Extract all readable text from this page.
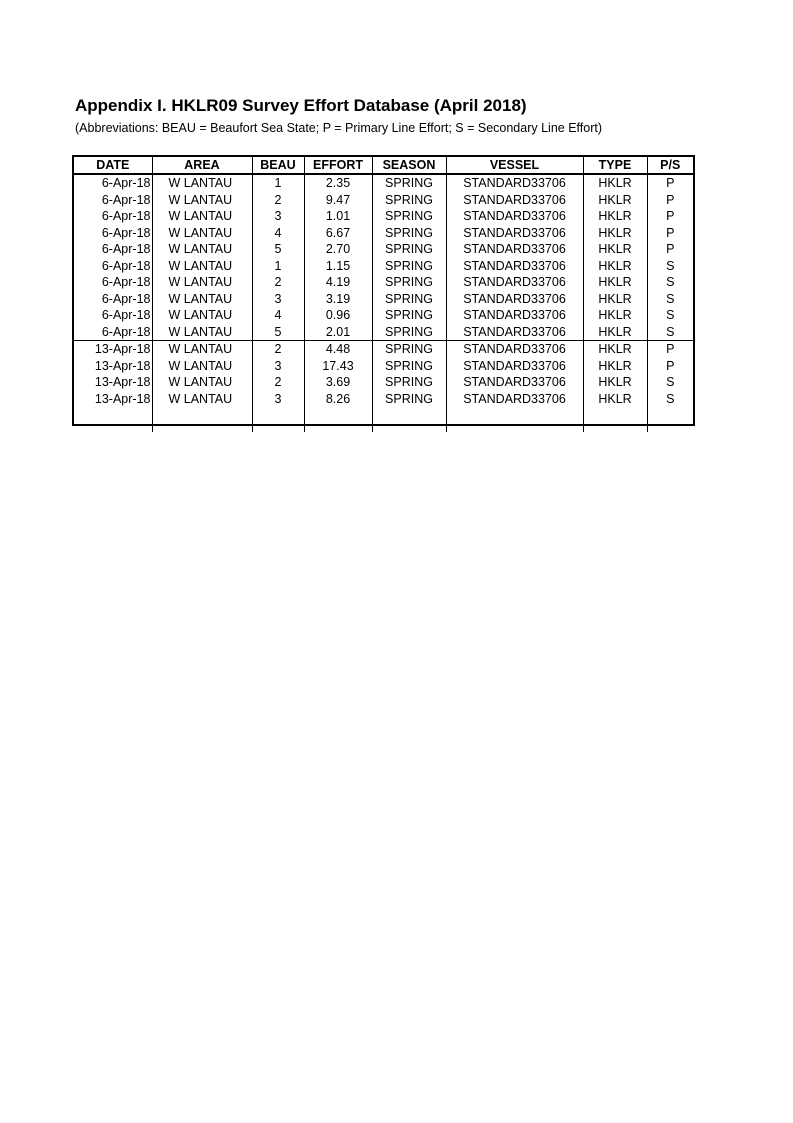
Appendix I. HKLR09 Survey Effort Database (April 2018)
(Abbreviations: BEAU = Beaufort Sea State; P = Primary Line Effort; S = Secondary Line Effort)
DATE	AREA	BEAU	EFFORT	SEASON	VESSEL	TYPE	P/S
6-Apr-18	W LANTAU	1	2.35	SPRING	STANDARD33706	HKLR	P
6-Apr-18	W LANTAU	2	9.47	SPRING	STANDARD33706	HKLR	P
6-Apr-18	W LANTAU	3	1.01	SPRING	STANDARD33706	HKLR	P
6-Apr-18	W LANTAU	4	6.67	SPRING	STANDARD33706	HKLR	P
6-Apr-18	W LANTAU	5	2.70	SPRING	STANDARD33706	HKLR	P
6-Apr-18	W LANTAU	1	1.15	SPRING	STANDARD33706	HKLR	S
6-Apr-18	W LANTAU	2	4.19	SPRING	STANDARD33706	HKLR	S
6-Apr-18	W LANTAU	3	3.19	SPRING	STANDARD33706	HKLR	S
6-Apr-18	W LANTAU	4	0.96	SPRING	STANDARD33706	HKLR	S
6-Apr-18	W LANTAU	5	2.01	SPRING	STANDARD33706	HKLR	S
13-Apr-18	W LANTAU	2	4.48	SPRING	STANDARD33706	HKLR	P
13-Apr-18	W LANTAU	3	17.43	SPRING	STANDARD33706	HKLR	P
13-Apr-18	W LANTAU	2	3.69	SPRING	STANDARD33706	HKLR	S
13-Apr-18	W LANTAU	3	8.26	SPRING	STANDARD33706	HKLR	S
